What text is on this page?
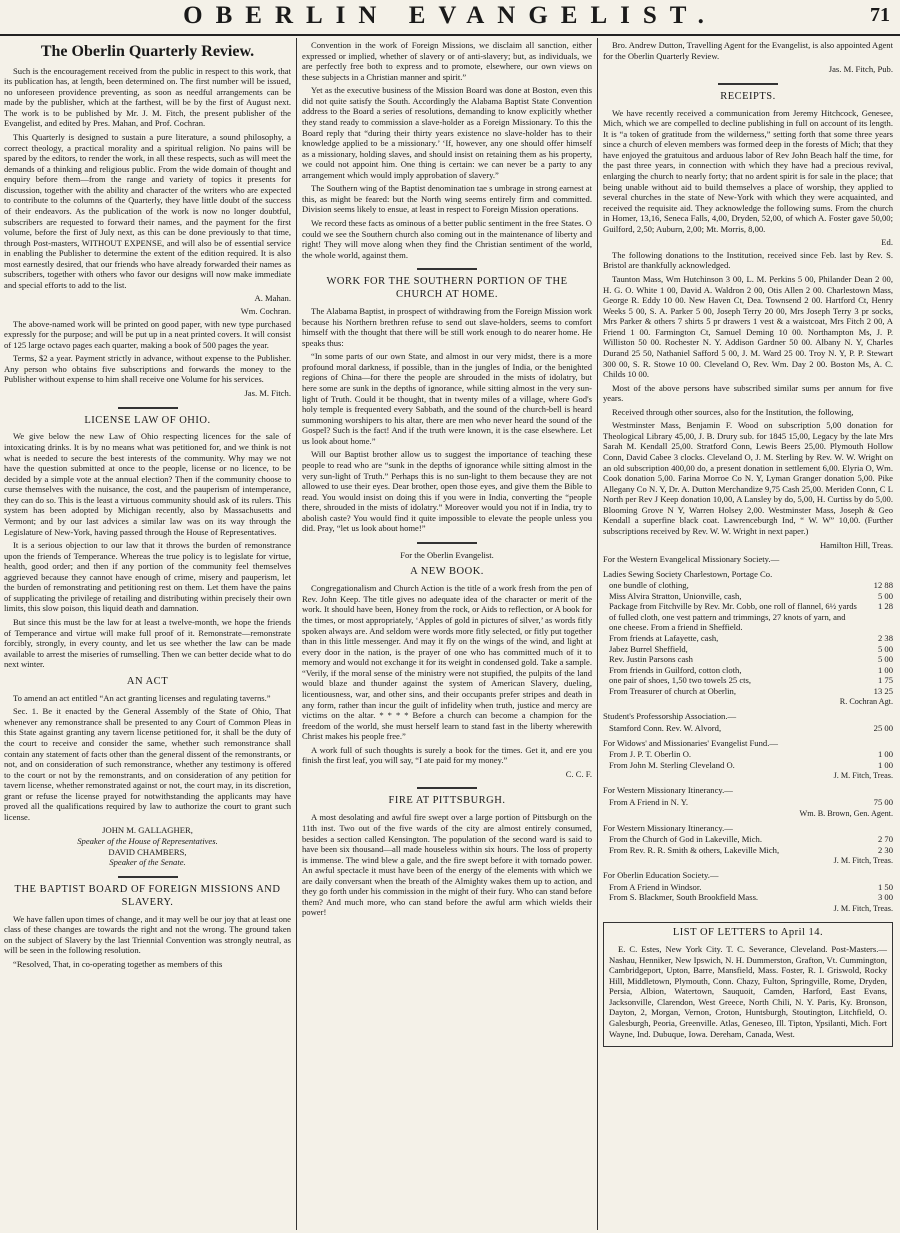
OBERLIN EVANGELIST.	71
The Oberlin Quarterly Review.

Such is the encouragement received from the public in respect to this work, that its publication has, at length, been determined on. The first number will be issued, no unforeseen providence preventing, as soon as needful arrangements can be made by the publisher, which at the farthest, will be by the first of August next. The work is to be published by Mr. J. M. Fitch, the present publisher of the Evangelist, and edited by Pres. Mahan, and Prof. Cochran.

This Quarterly is designed to sustain a pure literature, a sound philosophy, a correct theology, a practical morality and a spiritual religion. No pains will be spared by the editors, to render the work, in all these respects, such as will meet the demands of a thinking and religious public. From the wide domain of thought and enquiry before them—from the range and variety of topics it presents for discussion, together with the ability and character of the writers who are expected to contribute to the columns of the Quarterly, they have little doubt of the success of their endeavors. As the publication of the work is now no longer doubtful, subscribers are requested to forward their names, and the payment for the first volume, before the first of July next, as this can be done previously to that time, through Post-masters, WITHOUT EXPENSE, and will also be of essential service in enabling the Publisher to determine the extent of the edition required. It is also most earnestly desired, that our friends who have already forwarded their names as subscribers, together with others who favor our designs will now make immediate and special efforts to add to the list.

A. Mahan.

Wm. Cochran.

The above-named work will be printed on good paper, with new type purchased expressly for the purpose; and will be put up in a neat printed covers. It will consist of 125 large octavo pages each quarter, making a book of 500 pages the year.

Terms, $2 a year. Payment strictly in advance, without expense to the Publisher. Any person who obtains five subscriptions and forwards the money to the Publisher without expense to him shall receive one Volume for his services.

Jas. M. Fitch.

LICENSE LAW OF OHIO.

We give below the new Law of Ohio respecting licences for the sale of intoxicating drinks. It is by no means what was petitioned for, and we think is not what is needed to secure the best interests of the community. Why may we not have the question submitted at once to the people, license or no licence, to be decided by a simple vote at the annual election? Then if the community choose to curse themselves with the nuisance, the cost, and the pauperism of intemperance, they can do so. This is the least a virtuous community should ask of its rulers. This system has been adopted by Michigan recently, also by Massachusetts and Vermont; and by our last advices a similar law was on its way through the Legislature of New-York, having passed through the House of Representatives.

It is a serious objection to our law that it throws the burden of remonstrance upon the friends of Temperance. Whereas the true policy is to legislate for virtue, health, good order; and then if any portion of the community feel themselves aggrieved because they cannot have enough of crime, misery and pauperism, let the burden of remonstrating and petitioning rest on them. Let them have the pains of supplicating the privilege of retailing and distributing within precisely their own limits, this slow poison, this liquid death and damnation.

But since this must be the law for at least a twelve-month, we hope the friends of Temperance and virtue will make full proof of it. Remonstrate—remonstrate forcibly, strongly, in every county, and let us see whether the law can be made available to arrest the miseries of rumselling. Then we can better decide what to do next winter.

AN ACT

To amend an act entitled “An act granting licenses and regulating taverns.”

Sec. 1. Be it enacted by the General Assembly of the State of Ohio, That whenever any remonstrance shall be presented to any Court of Common Pleas in this State against granting any tavern license petitioned for, it shall be the duty of the court to receive and consider the same, whether such remonstrance shall contain any statement of facts other than the general dissent of the remonstrants, or not, and on consideration of such remonstrance, whether any testimony is offered to the court or not by the remonstrants, and on consideration of any petition for tavern license, whether remonstrated against or not, the court may, in its discretion, grant or refuse the license prayed for notwithstanding the applicants may have proved all the qualifications required by law to authorize the court to grant such license.

JOHN M. GALLAGHER,

Speaker of the House of Representatives.

DAVID CHAMBERS,

Speaker of the Senate.

THE BAPTIST BOARD OF FOREIGN MISSIONS AND SLAVERY.

We have fallen upon times of change, and it may well be our joy that at least one class of these changes are towards the right and not the wrong. The ground taken on the subject of Slavery by the last Triennial Convention was strongly neutral, as will be seen in the following resolution.

“Resolved, That, in co-operating together as members of this

Convention in the work of Foreign Missions, we disclaim all sanction, either expressed or implied, whether of slavery or of anti-slavery; but, as individuals, we are perfectly free both to express and to promote, elsewhere, our own views on these subjects in a Christian manner and spirit.”

Yet as the executive business of the Mission Board was done at Boston, even this did not quite satisfy the South. Accordingly the Alabama Baptist State Convention address to the Board a series of resolutions, demanding to know explicitly whether they stand ready to commission a slave-holder as a Foreign Missionary. To this the Board reply that “during their thirty years existence no slave-holder has to their knowledge applied to be a missionary.’ ‘If, however, any one should offer himself as a missionary, holding slaves, and should insist on retaining them as his property, we could not appoint him. One thing is certain: we can never be a party to any arrangement which would imply approbation of slavery.”

The Southern wing of the Baptist denomination tae s umbrage in strong earnest at this, as might be feared: but the North wing seems entirely firm and committed. Division seems likely to ensue, at least in respect to Foreign Mission operations.

We record these facts as ominous of a better public sentiment in the free States. O could we see the Southern church also coming out in the maintenance of liberty and right! They will move along when they find the Christian sentiment of the world, the whole world, against them.

WORK FOR THE SOUTHERN PORTION OF THE CHURCH AT HOME.

The Alabama Baptist, in prospect of withdrawing from the Foreign Mission work because his Northern brethren refuse to send out slave-holders, seems to comfort himself with the thought that there will be still work enough to do nearer home. He speaks thus:

“In some parts of our own State, and almost in our very midst, there is a more profound moral darkness, if possible, than in the jungles of India, or the benighted regions of China—for there the people are shrouded in the mists of idolatry, but here some are sunk in the depths of ignorance, while sitting almost in the very sun-light of Truth. Could it be thought, that in twenty miles of a village, where God's holy temple is frequented every Sabbath, and the sound of the church-bell is heard summoning worshipers to his altar, there are men who never heard the sound of the Gospel? Such is the fact! And if the truth were known, it is the case elsewhere. Let us look about home.”

Will our Baptist brother allow us to suggest the importance of teaching these people to read who are “sunk in the depths of ignorance while sitting almost in the very sun-light of Truth.” Perhaps this is no sun-light to them because they are not allowed to use their eyes. Dear brother, open those eyes, and give them the Bible to read. You would insist on doing this if you were in India, converting the “people there, shrouded in the mists of idolatry.” Moreover would you not if in India, try to abolish caste? You would find it quite impossible to elevate the people unless you did. Pray, “let us look about home!”

For the Oberlin Evangelist.

A NEW BOOK.

Congregationalism and Church Action is the title of a work fresh from the pen of Rev. John Keep. The title gives no adequate idea of the character or merit of the work. It should have been, Honey from the rock, or Aids to reflection, or A book for the times, or most appropriately, ‘Apples of gold in pictures of silver,’ as words fitly spoken always are. And seldom were words more fitly selected, or fitly put together than in this little messenger. And may it fly on the wings of the wind, and light at every door in the nation, is the prayer of one who has committed much of it to memory and would not exchange it for its weight in condensed gold. Take a sample. “Verily, if the moral sense of the ministry were not stupified, the pulpits of the land would blaze and thunder against the system of American Slavery, dueling, licentiousness, war, and other sins, and their occupants prefer stripes and death in any form, rather than incur the guilt of infidelity when truth, justice and mercy are victims on the altar. * * * * Before a church can become a champion for the freedom of the world, she must herself learn to stand fast in the liberty wherewith Christ makes his people free.”

A work full of such thoughts is surely a book for the times. Get it, and ere you finish the first leaf, you will say, “I ate paid for my money.”

C. C. F.

FIRE AT PITTSBURGH.

A most desolating and awful fire swept over a large portion of Pittsburgh on the 11th inst. Two out of the five wards of the city are almost entirely consumed, besides a section called Kensington. The population of the second ward is said to have been six thousand—all made houseless within six hours. The loss of property is immense. The wind blew a gale, and the fire swept before it with tornado power. An awful spectacle it must have been of the energy of the elements with which we are daily conversant when the breath of the Almighty wakes them up to action, and they go forth under his commission in the might of their fury. Who can stand before them? And much more, who can stand before the awful arm which wields their power!

Bro. Andrew Dutton, Travelling Agent for the Evangelist, is also appointed Agent for the Oberlin Quarterly Review.

Jas. M. Fitch, Pub.

RECEIPTS.

We have recently received a communication from Jeremy Hitchcock, Genesee, Mich, which we are compelled to decline publishing in full on account of its length. It is “a token of gratitude from the wilderness,” setting forth that some three years since a church of eleven members was formed deep in the forests of Mich; that they have enjoyed the gratuitous and arduous labor of Rev John Beach half the time, for the past three years, in connection with which they have had a precious revival, enlarging the church to nearly forty; that no ardent spirit is for sale in the place; that being unable without aid to build themselves a place of worship, they applied to several churches in the state of New-York with which they were acquainted, and received the requisite aid. They acknowledge the following sums. From the church in Homer, 13,16, Seneca Falls, 4,00, Dryden, 52,00, of which A. Foster gave 50,00; Guilford, 2,50; Auburn, 2,00; Mt. Morris, 8,00.

Ed.

The following donations to the Institution, received since Feb. last by Rev. S. Bristol are thankfully acknowledged.

Taunton Mass, Wm Hutchinson 3 00, L. M. Perkins 5 00, Philander Dean 2 00, H. G. O. White 1 00, David A. Waldron 2 00, Otis Allen 2 00. Charlestown Mass, George R. Eddy 10 00. New Haven Ct, Dea. Townsend 2 00. Hartford Ct, Henry Weeks 5 00, S. A. Parker 5 00, Joseph Terry 20 00, Mrs Joseph Terry 3 pr socks, Mrs Parker & others 7 shirts 5 pr drawers 1 vest & a waistcoat, Mrs Fitch 2 00, A Friend 1 00. Farmington Ct, Samuel Deming 10 00. Northampton Ms, J. P. Williston 50 00. Rochester N. Y. Addison Gardner 50 00. Albany N. Y, Charles Durand 25 50, Nathaniel Safford 5 00, J. M. Ward 25 00. Troy N. Y, P. P. Stewart 300 00, S. R. Stowe 10 00. Cleveland O, Rev. Wm. Day 2 00. Boston Ms, A. C. Childs 10 00.

Most of the above persons have subscribed similar sums per annum for five years.

Received through other sources, also for the Institution, the following,

Westminster Mass, Benjamin F. Wood on subscription 5,00 donation for Theological Library 45,00, J. B. Drury sub. for 1845 15,00, Legacy by the late Mrs Sarah M. Kendall 25,00. Stratford Conn, Lewis Beers 25,00. Plymouth Hollow Conn, David Cabee 3 clocks. Cleveland O, J. M. Sterling by Rev. W. W. Wright on an old subscription 400,00 do, a present donation in settlement 6,00. Elyria O, Wm. Cook donation 5,00. Farina Morroe Co N. Y, Lyman Granger donation 5,00. Pike Allegany Co N. Y, Dr. A. Dutton Merchandize 9,75 Cash 25,00. Meriden Conn, C L North per Rev J Keep donation 10,00, A Lansley by do, 5,00, H. Curtiss by do 5,00. Blooming Grove N Y, Warren Holsey 2,00. Westminster Mass, Joseph & Geo Kendall a superfine black coat. Lawrenceburgh Ind, “ W. W” 10,00. (Further subscriptions received by Rev. W. W. Wright in next paper.)

Hamilton Hill, Treas.

For the Western Evangelical Missionary Society.—

Ladies Sewing Society Charlestown, Portage Co.

one bundle of clothing,	12 88
Miss Alvira Stratton, Unionville, cash,	5 00
Package from Fitchville by Rev. Mr. Cobb, one roll of flannel, 6½ yards of fulled cloth, one vest pattern and trimmings, 27 knots of yarn, and one cheese. From a friend in Sheffield.
1 28
From friends at Lafayette, cash,	2 38
Jabez Burrel Sheffield,	5 00
Rev. Justin Parsons cash	5 00
From friends in Guilford, cotton cloth,	1 00
one pair of shoes, 1,50 two towels 25 cts,	1 75
From Treasurer of church at Oberlin,	13 25

R. Cochran Agt.

Student's Professorship Association.—

Stamford Conn. Rev. W. Alvord,	25 00

For Widows' and Missionaries' Evangelist Fund.—

From J. P. T. Oberlin O.	1 00
From John M. Sterling Cleveland O.	1 00

J. M. Fitch, Treas.

For Western Missionary Itinerancy.—

From A Friend in N. Y.	75 00

Wm. B. Brown, Gen. Agent.

For Western Missionary Itinerancy.—

From the Church of God in Lakeville, Mich.	2 70
From Rev. R. R. Smith & others, Lakeville Mich,	2 30

J. M. Fitch, Treas.

For Oberlin Education Society.—

From A Friend in Windsor.	1 50
From S. Blackmer, South Brookfield Mass.	3 00

J. M. Fitch, Treas.

LIST OF LETTERS to April 14.

E. C. Estes, New York City. T. C. Severance, Cleveland. Post-Masters.—Nashau, Henniker, New Ipswich, N. H. Dummerston, Grafton, Vt. Cummington, Cambridgeport, Upton, Barre, Mansfield, Mass. Foster, R. I. Griswold, Rocky Hill, Middletown, Plymouth, Conn. Chazy, Fulton, Springville, Rome, Dryden, Persia, Albion, Watertown, Sauquoit, Camden, Harford, East Evans, Jacksonville, Clarendon, West Greece, North Chili, N. Y. Paris, Ky. Bronson, Dayton, 2, Morgan, Vernon, Croton, Huntsburgh, Stoutington, Litchfield, O. Galesburgh, Peoria, Greenville. Atlas, Geneseo, Ill. Tipton, Ypsilanti, Mich. Fort Wayne, Ind. Dubuque, Iowa. Dereham, Canada, West.
